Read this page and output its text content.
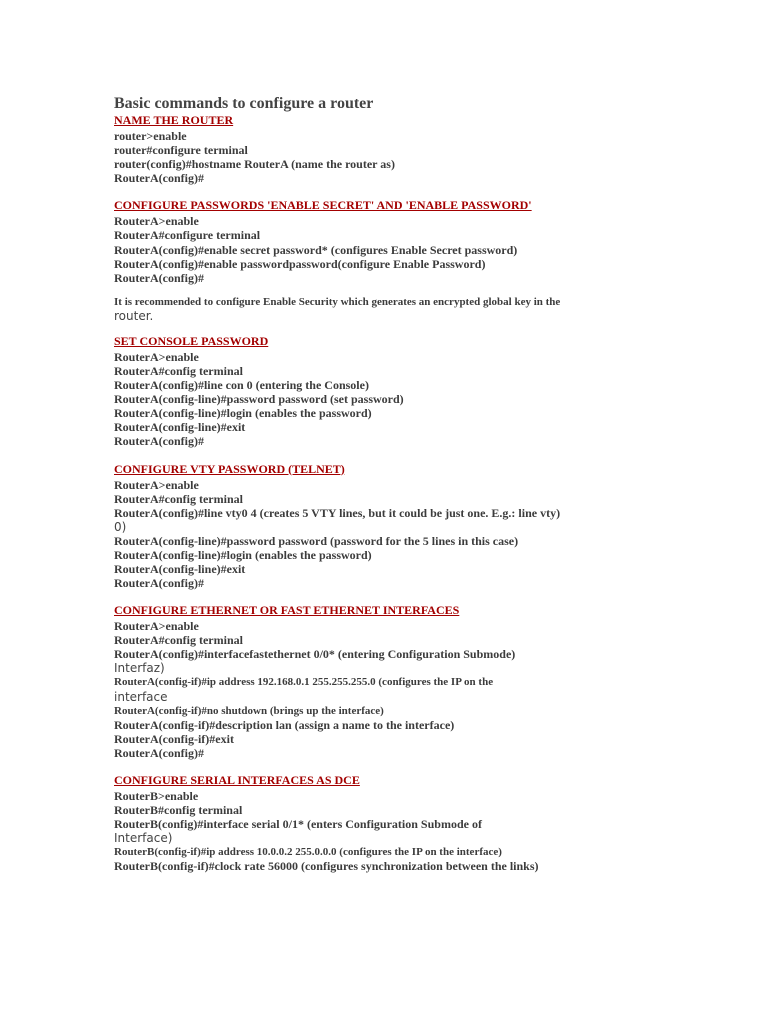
Basic commands to configure a router
NAME THE ROUTER
router>enable
router#configure terminal
router(config)#hostname RouterA (name the router as)
RouterA(config)#
CONFIGURE PASSWORDS 'ENABLE SECRET' AND 'ENABLE PASSWORD'
RouterA>enable
RouterA#configure terminal
RouterA(config)#enable secret password* (configures Enable Secret password)
RouterA(config)#enable passwordpassword(configure Enable Password)
RouterA(config)#
It is recommended to configure Enable Security which generates an encrypted global key in the
router.
SET CONSOLE PASSWORD
RouterA>enable
RouterA#config terminal
RouterA(config)#line con 0 (entering the Console)
RouterA(config-line)#password password (set password)
RouterA(config-line)#login (enables the password)
RouterA(config-line)#exit
RouterA(config)#
CONFIGURE VTY PASSWORD (TELNET)
RouterA>enable
RouterA#config terminal
RouterA(config)#line vty0 4 (creates 5 VTY lines, but it could be just one. E.g.: line vty)
0)
RouterA(config-line)#password password (password for the 5 lines in this case)
RouterA(config-line)#login (enables the password)
RouterA(config-line)#exit
RouterA(config)#
CONFIGURE ETHERNET OR FAST ETHERNET INTERFACES
RouterA>enable
RouterA#config terminal
RouterA(config)#interfacefastethernet 0/0* (entering Configuration Submode)
Interfaz)
RouterA(config-if)#ip address 192.168.0.1 255.255.255.0 (configures the IP on the
interface
RouterA(config-if)#no shutdown (brings up the interface)
RouterA(config-if)#description lan (assign a name to the interface)
RouterA(config-if)#exit
RouterA(config)#
CONFIGURE SERIAL INTERFACES AS DCE
RouterB>enable
RouterB#config terminal
RouterB(config)#interface serial 0/1* (enters Configuration Submode of
Interface)
RouterB(config-if)#ip address 10.0.0.2 255.0.0.0 (configures the IP on the interface)
RouterB(config-if)#clock rate 56000 (configures synchronization between the links)
